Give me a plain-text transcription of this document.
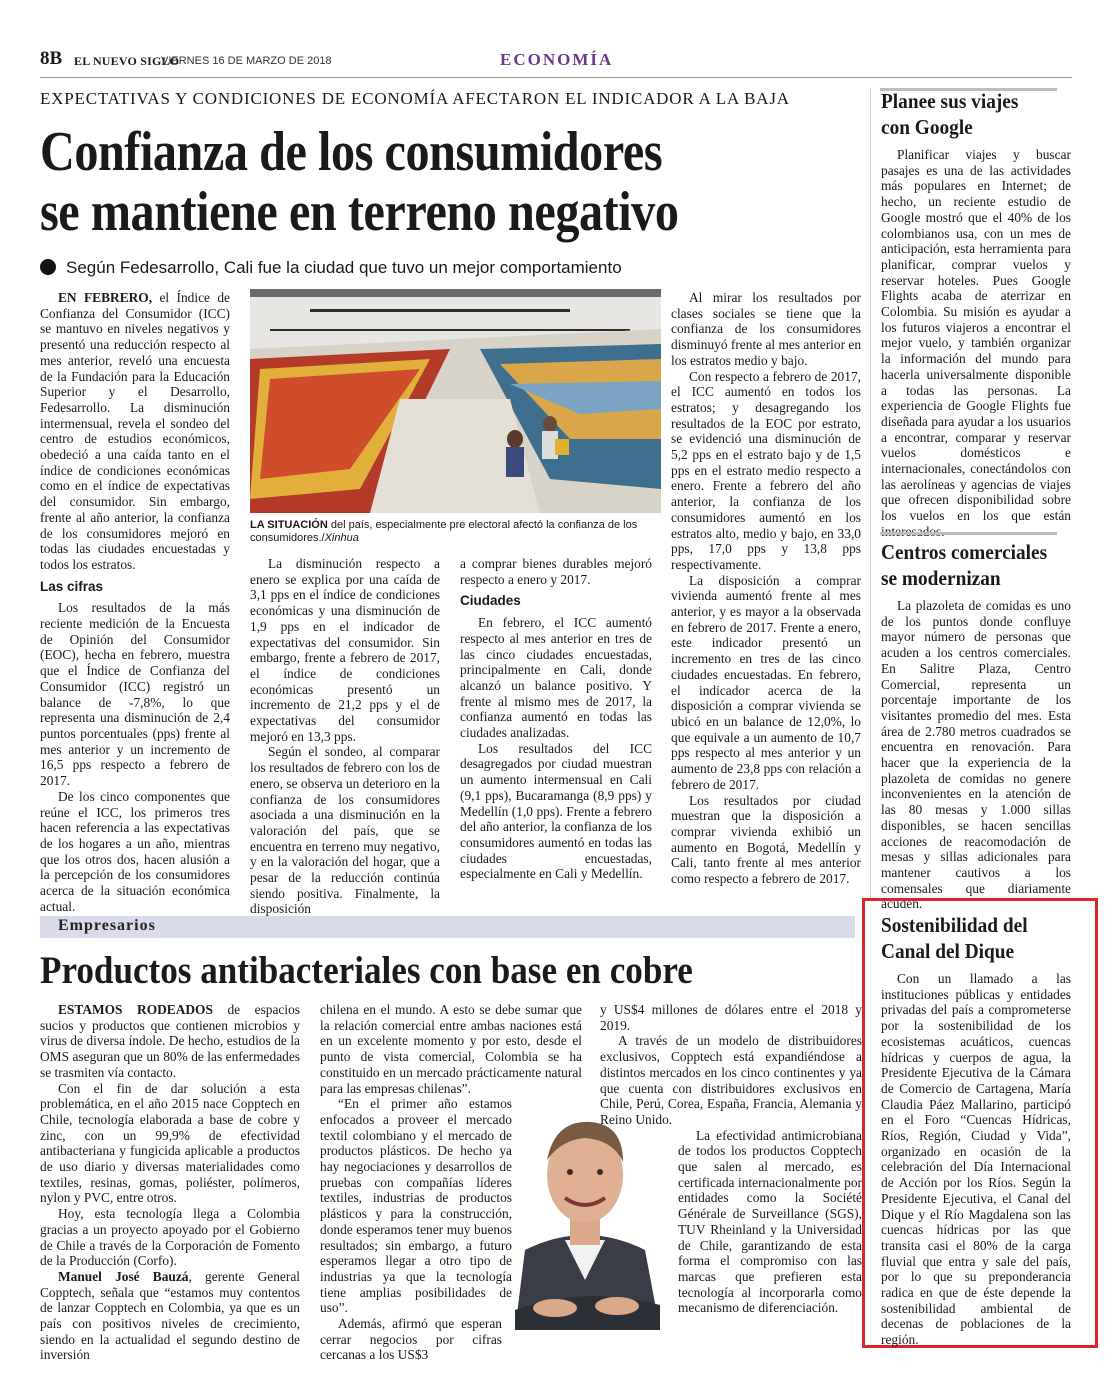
8B EL NUEVO SIGLO
VIERNES 16 DE MARZO DE 2018	ECONOMÍA
EXPECTATIVAS Y CONDICIONES DE ECONOMÍA AFECTARON EL INDICADOR A LA BAJA
Confianza de los consumidores
se mantiene en terreno negativo
Según Fedesarrollo, Cali fue la ciudad que tuvo un mejor comportamiento

EN FEBRERO, el Índice de Confianza del Consumidor (ICC) se mantuvo en niveles negativos y presentó una reducción respecto al mes anterior, reveló una encuesta de la Fundación para la Educación Superior y el Desarrollo, Fedesarrollo. La disminución intermensual, revela el sondeo del centro de estudios económicos, obedeció a una caída tanto en el índice de condiciones económicas como en el índice de expectativas del consumidor. Sin embargo, frente al año anterior, la confianza de los consumidores mejoró en todas las ciudades encuestadas y todos los estratos.

Las cifras

Los resultados de la más reciente medición de la Encuesta de Opinión del Consumidor (EOC), hecha en febrero, muestra que el Índice de Confianza del Consumidor (ICC) registró un balance de -7,8%, lo que representa una disminución de 2,4 puntos porcentuales (pps) frente al mes anterior y un incremento de 16,5 pps respecto a febrero de 2017.

De los cinco componentes que reúne el ICC, los primeros tres hacen referencia a las expectativas de los hogares a un año, mientras que los otros dos, hacen alusión a la percepción de los consumidores acerca de la situación económica actual.

LA SITUACIÓN del país, especialmente pre electoral afectó la confianza de los consumidores./Xinhua

La disminución respecto a enero se explica por una caída de 3,1 pps en el índice de condiciones económicas y una disminución de 1,9 pps en el indicador de expectativas del consumidor. Sin embargo, frente a febrero de 2017, el índice de condiciones económicas presentó un incremento de 21,2 pps y el de expectativas del consumidor mejoró en 13,3 pps.

Según el sondeo, al comparar los resultados de febrero con los de enero, se observa un deterioro en la confianza de los consumidores asociada a una disminución en la valoración del país, que se encuentra en terreno muy negativo, y en la valoración del hogar, que a pesar de la reducción continúa siendo positiva. Finalmente, la disposición

a comprar bienes durables mejoró respecto a enero y 2017.

Ciudades

En febrero, el ICC aumentó respecto al mes anterior en tres de las cinco ciudades encuestadas, principalmente en Cali, donde alcanzó un balance positivo. Y frente al mismo mes de 2017, la confianza aumentó en todas las ciudades analizadas.

Los resultados del ICC desagregados por ciudad muestran un aumento intermensual en Cali (9,1 pps), Bucaramanga (8,9 pps) y Medellín (1,0 pps). Frente a febrero del año anterior, la confianza de los consumidores aumentó en todas las ciudades encuestadas, especialmente en Cali y Medellín.

Al mirar los resultados por clases sociales se tiene que la confianza de los consumidores disminuyó frente al mes anterior en los estratos medio y bajo.

Con respecto a febrero de 2017, el ICC aumentó en todos los estratos; y desagregando los resultados de la EOC por estrato, se evidenció una disminución de 5,2 pps en el estrato bajo y de 1,5 pps en el estrato medio respecto a enero. Frente a febrero del año anterior, la confianza de los consumidores aumentó en los estratos alto, medio y bajo, en 33,0 pps, 17,0 pps y 13,8 pps respectivamente.

La disposición a comprar vivienda aumentó frente al mes anterior, y es mayor a la observada en febrero de 2017. Frente a enero, este indicador presentó un incremento en tres de las cinco ciudades encuestadas. En febrero, el indicador acerca de la disposición a comprar vivienda se ubicó en un balance de 12,0%, lo que equivale a un aumento de 10,7 pps respecto al mes anterior y un aumento de 23,8 pps con relación a febrero de 2017.

Los resultados por ciudad muestran que la disposición a comprar vivienda exhibió un aumento en Bogotá, Medellín y Cali, tanto frente al mes anterior como respecto a febrero de 2017.

Empresarios
Productos antibacteriales con base en cobre

ESTAMOS RODEADOS de espacios sucios y productos que contienen microbios y virus de diversa índole. De hecho, estudios de la OMS aseguran que un 80% de las enfermedades se trasmiten vía contacto.

Con el fin de dar solución a esta problemática, en el año 2015 nace Copptech en Chile, tecnología elaborada a base de cobre y zinc, con un 99,9% de efectividad antibacteriana y fungicida aplicable a productos de uso diario y diversas materialidades como textiles, resinas, gomas, poliéster, polímeros, nylon y PVC, entre otros.

Hoy, esta tecnología llega a Colombia gracias a un proyecto apoyado por el Gobierno de Chile a través de la Corporación de Fomento de la Producción (Corfo).

Manuel José Bauzá, gerente General Copptech, señala que “estamos muy contentos de lanzar Copptech en Colombia, ya que es un país con positivos niveles de crecimiento, siendo en la actualidad el segundo destino de inversión

chilena en el mundo. A esto se debe sumar que la relación comercial entre ambas naciones está en un excelente momento y por esto, desde el punto de vista comercial, Colombia se ha constituido en un mercado prácticamente natural para las empresas chilenas”.

“En el primer año estamos enfocados a proveer el mercado textil colombiano y el mercado de productos plásticos. De hecho ya hay negociaciones y desarrollos de pruebas con compañías líderes textiles, industrias de productos plásticos y para la construcción, donde esperamos tener muy buenos resultados; sin embargo, a futuro esperamos llegar a otro tipo de industrias ya que la tecnología tiene amplias posibilidades de uso”.

Además, afirmó que esperan cerrar negocios por cifras cercanas a los US$3

y US$4 millones de dólares entre el 2018 y 2019.

A través de un modelo de distribuidores exclusivos, Copptech está expandiéndose a distintos mercados en los cinco continentes y ya que cuenta con distribuidores exclusivos en Chile, Perú, Corea, España, Francia, Alemania y Reino Unido.

La efectividad antimicrobiana de todos los productos Copptech que salen al mercado, es certificada internacionalmente por entidades como la Société Générale de Surveillance (SGS), TUV Rheinland y la Universidad de Chile, garantizando de esta forma el compromiso con las marcas que prefieren esta tecnología al incorporarla como mecanismo de diferenciación.

Planee sus viajes
con Google

Planificar viajes y buscar pasajes es una de las actividades más populares en Internet; de hecho, un reciente estudio de Google mostró que el 40% de los colombianos usa, con un mes de anticipación, esta herramienta para planificar, comprar vuelos y reservar hoteles. Pues Google Flights acaba de aterrizar en Colombia. Su misión es ayudar a los futuros viajeros a encontrar el mejor vuelo, y también organizar la información del mundo para hacerla universalmente disponible a todas las personas. La experiencia de Google Flights fue diseñada para ayudar a los usuarios a encontrar, comparar y reservar vuelos domésticos e internacionales, conectándolos con las aerolíneas y agencias de viajes que ofrecen disponibilidad sobre los vuelos en los que están

Centros comerciales
se modernizan

La plazoleta de comidas es uno de los puntos donde confluye mayor número de personas que acuden a los centros comerciales. En Salitre Plaza, Centro Comercial, representa un porcentaje importante de los visitantes promedio del mes. Esta área de 2.780 metros cuadrados se encuentra en renovación. Para hacer que la experiencia de la plazoleta de comidas no genere inconvenientes en la atención de las 80 mesas y 1.000 sillas disponibles, se hacen sencillas acciones de reacomodación de mesas y sillas adicionales para mantener cautivos a los comensales que diariamente acuden.

Sostenibilidad del
Canal del Dique

Con un llamado a las instituciones públicas y entidades privadas del país a comprometerse por la sostenibilidad de los ecosistemas acuáticos, cuencas hídricas y cuerpos de agua, la Presidente Ejecutiva de la Cámara de Comercio de Cartagena, María Claudia Páez Mallarino, participó en el Foro “Cuencas Hídricas, Ríos, Región, Ciudad y Vida”, organizado en ocasión de la celebración del Día Internacional de Acción por los Ríos. Según la Presidente Ejecutiva, el Canal del Dique y el Río Magdalena son las cuencas hídricas por las que transita casi el 80% de la carga fluvial que entra y sale del país, por lo que su preponderancia radica en que de éste depende la sostenibilidad ambiental de decenas de poblaciones de la región.
